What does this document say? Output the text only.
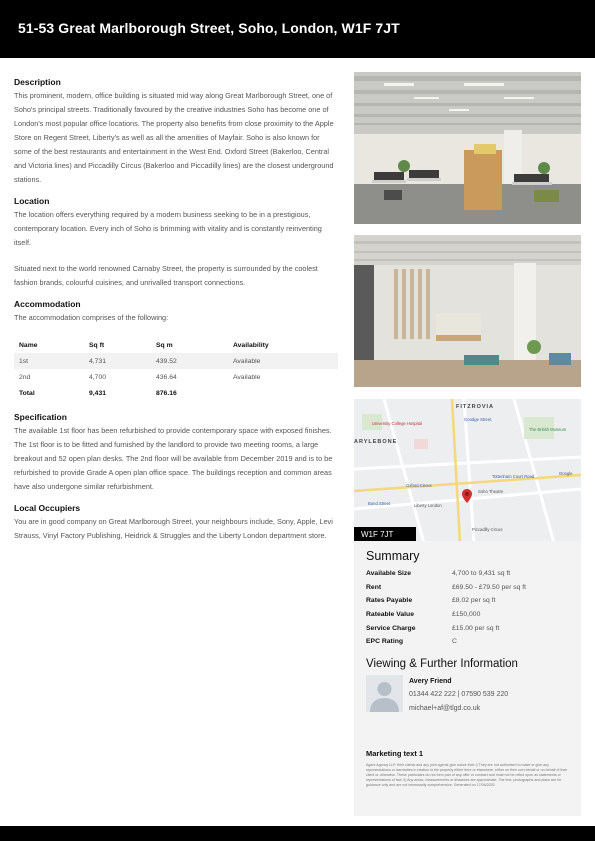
51-53 Great Marlborough Street, Soho, London, W1F 7JT
Description
This prominent, modern, office building is situated mid way along Great Marlborough Street, one of Soho's principal streets. Traditionally favoured by the creative industries Soho has become one of London's most popular office locations. The property also benefits from close proximity to the Apple Store on Regent Street, Liberty's as well as all the amenities of Mayfair. Soho is also known for some of the best restaurants and entertainment in the West End. Oxford Street (Bakerloo, Central and Victoria lines) and Piccadilly Circus (Bakerloo and Piccadilly lines) are the closest underground stations.
Location
The location offers everything required by a modern business seeking to be in a prestigious, contemporary location. Every inch of Soho is brimming with vitality and is constantly reinventing itself.
Situated next to the world renowned Carnaby Street, the property is surrounded by the coolest fashion brands, colourful cuisines, and unrivalled transport connections.
Accommodation
The accommodation comprises of the following:
Name	Sq ft	Sq m	Availability
1st	4,731	439.52	Available
2nd	4,700	436.64	Available
Total	9,431	876.16	
Specification
The available 1st floor has been refurbished to provide contemporary space with exposed finishes. The 1st floor is to be fitted and furnished by the landlord to provide two meeting rooms, a large breakout and 52 open plan desks. The 2nd floor will be available from December 2019 and is to be refurbished to provide Grade A open plan office space. The buildings reception and common areas have also undergone similar refurbishment.
Local Occupiers
You are in good company on Great Marlborough Street, your neighbours include, Sony, Apple, Levi Strauss, Vinyl Factory Publishing, Heidrick & Struggles and the Liberty London department store.

FITZROVIA
ARYLEBONE
Goodge Street
The British Museum
University College Hospital
Oxford Circus
Liberty London
Soho Theatre
Tottenham Court Road
Bond Street
Google
Piccadilly Circus
W1F 7JT
Summary
Available Size	4,700 to 9,431 sq ft
Rent	£69.50 - £79.50 per sq ft
Rates Payable	£8.02 per sq ft
Rateable Value	£150,000
Service Charge	£15.00 per sq ft
EPC Rating	C
Viewing & Further Information
Avery Friend
01344 422 222 | 07590 539 220
michael+af@tlgd.co.uk
Marketing text 1
Agent Agency LLP, their clients and any joint agents give notice that: i) They are not authorised to make or give any representations or warranties in relation to the property either here or elsewhere, either on their own behalf or on behalf of their client or otherwise. These particulars do not form part of any offer or contract and must not be relied upon as statements or representations of fact. ii) Any areas, measurements or distances are approximate. The text, photographs and plans are for guidance only and are not necessarily comprehensive. Generated on 17/04/2020
